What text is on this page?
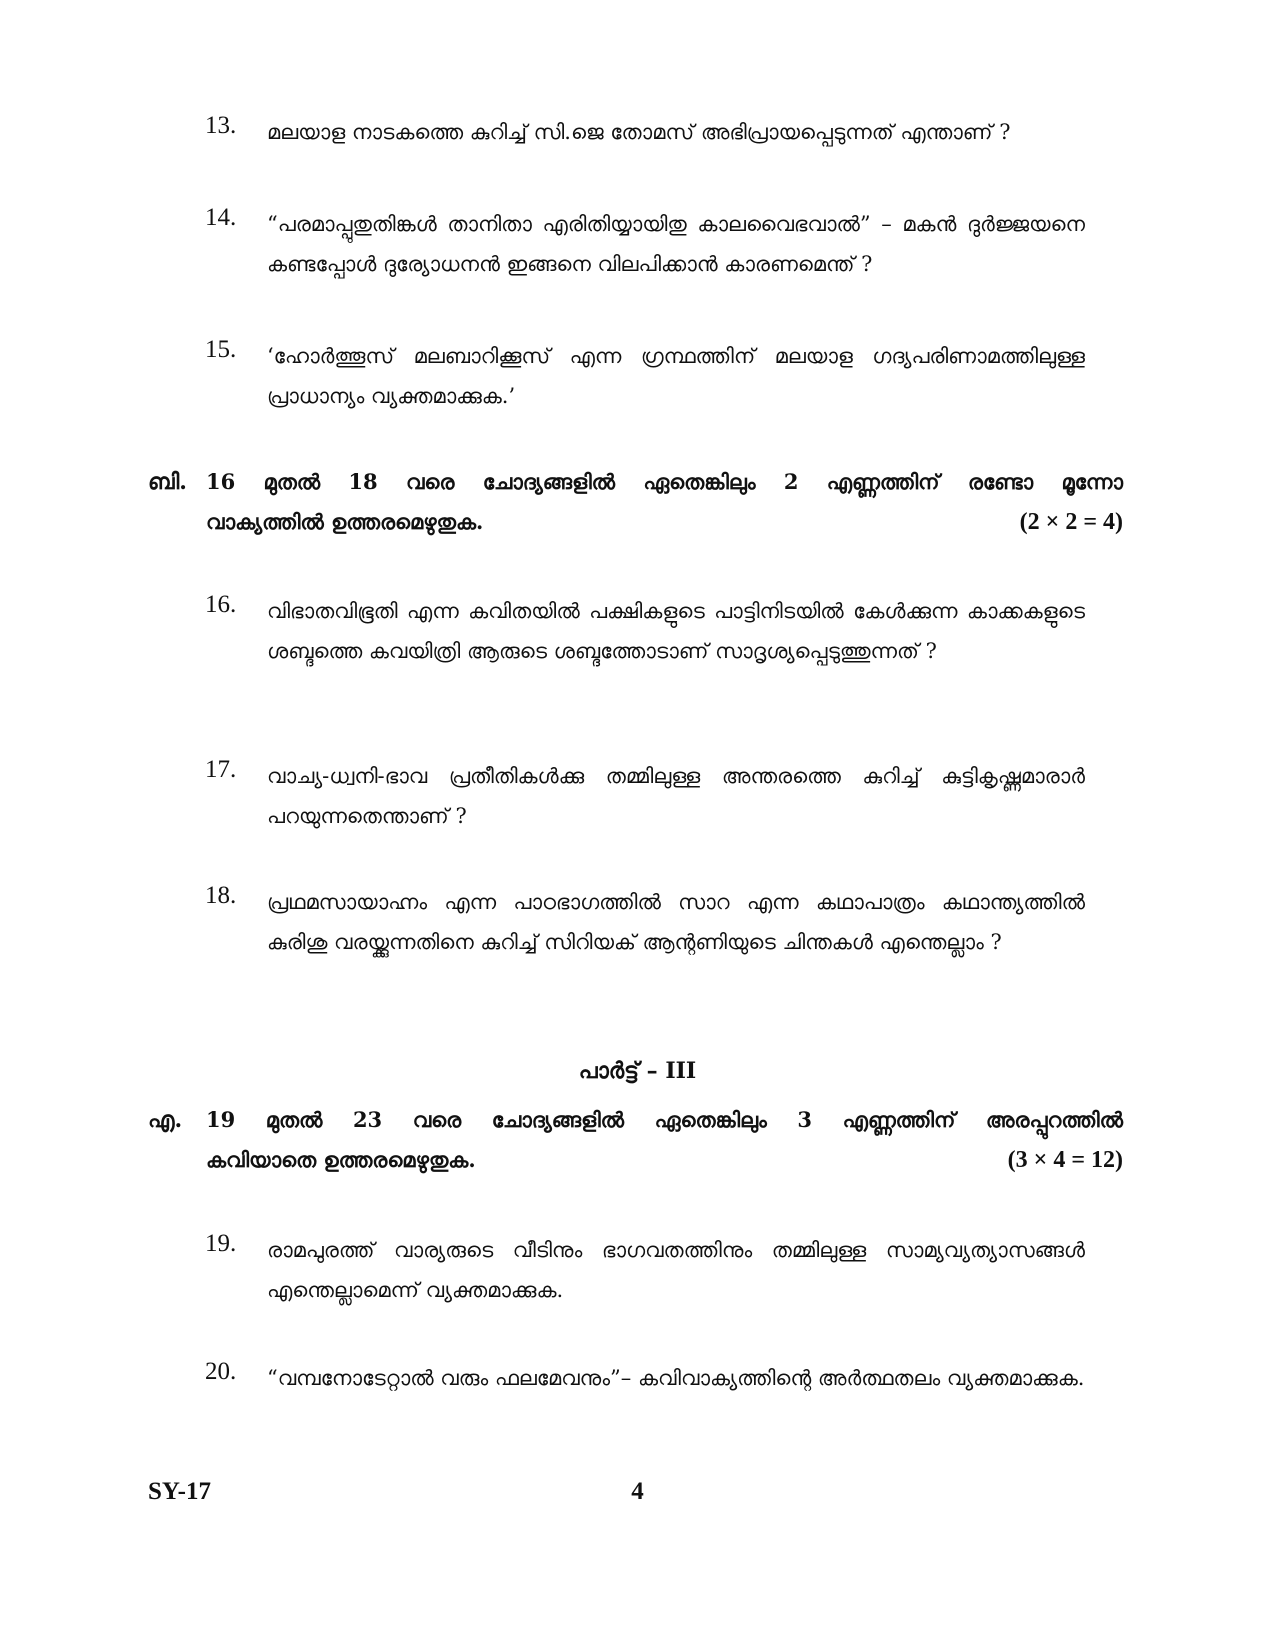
13.	മലയാള നാടകത്തെ കുറിച്ച് സി.ജെ തോമസ് അഭിപ്രായപ്പെടുന്നത് എന്താണ് ?
14.	“പരമാപ്പുതുതിങ്കൾ താനിതാ എരിതിയ്യായിതു കാലവൈഭവാൽ” – മകൻ ദുർജ്ജയനെ കണ്ടപ്പോൾ ദുര്യോധനൻ ഇങ്ങനെ വിലപിക്കാൻ കാരണമെന്ത് ?
15.	‘ഹോർത്തൂസ് മലബാറിക്കൂസ് എന്ന ഗ്രന്ഥത്തിന് മലയാള ഗദ്യപരിണാമത്തിലുള്ള പ്രാധാന്യം വ്യക്തമാക്കുക.’
ബി. 16 മുതൽ 18 വരെ ചോദ്യങ്ങളിൽ ഏതെങ്കിലും 2 എണ്ണത്തിന് രണ്ടോ മൂന്നോ
വാക്യത്തിൽ ഉത്തരമെഴുതുക.	(2 × 2 = 4)
16.	വിഭാതവിഭൂതി എന്ന കവിതയിൽ പക്ഷികളുടെ പാട്ടിനിടയിൽ കേൾക്കുന്ന കാക്കകളുടെ ശബ്ദത്തെ കവയിത്രി ആരുടെ ശബ്ദത്തോടാണ് സാദൃശ്യപ്പെടുത്തുന്നത് ?
17.	വാച്യ-ധ്വനി-ഭാവ പ്രതീതികൾക്കു തമ്മിലുള്ള അന്തരത്തെ കുറിച്ച് കുട്ടികൃഷ്ണമാരാർ പറയുന്നതെന്താണ് ?
18.	പ്രഥമസായാഹ്നം എന്ന പാഠഭാഗത്തിൽ സാറ എന്ന കഥാപാത്രം കഥാന്ത്യത്തിൽ കുരിശു വരയ്ക്കുന്നതിനെ കുറിച്ച് സിറിയക് ആന്റണിയുടെ ചിന്തകൾ എന്തെല്ലാം ?
പാർട്ട് – III
എ. 19 മുതൽ 23 വരെ ചോദ്യങ്ങളിൽ ഏതെങ്കിലും 3 എണ്ണത്തിന് അരപ്പുറത്തിൽ
കവിയാതെ ഉത്തരമെഴുതുക.	(3 × 4 = 12)
19.	രാമപുരത്ത് വാര്യരുടെ വീടിനും ഭാഗവതത്തിനും തമ്മിലുള്ള സാമ്യവ്യത്യാസങ്ങൾ എന്തെല്ലാമെന്ന് വ്യക്തമാക്കുക.
20.	“വമ്പനോടേറ്റാൽ വരും ഫലമേവനും”– കവിവാക്യത്തിന്റെ അർത്ഥതലം വ്യക്തമാക്കുക.
SY-17	4
